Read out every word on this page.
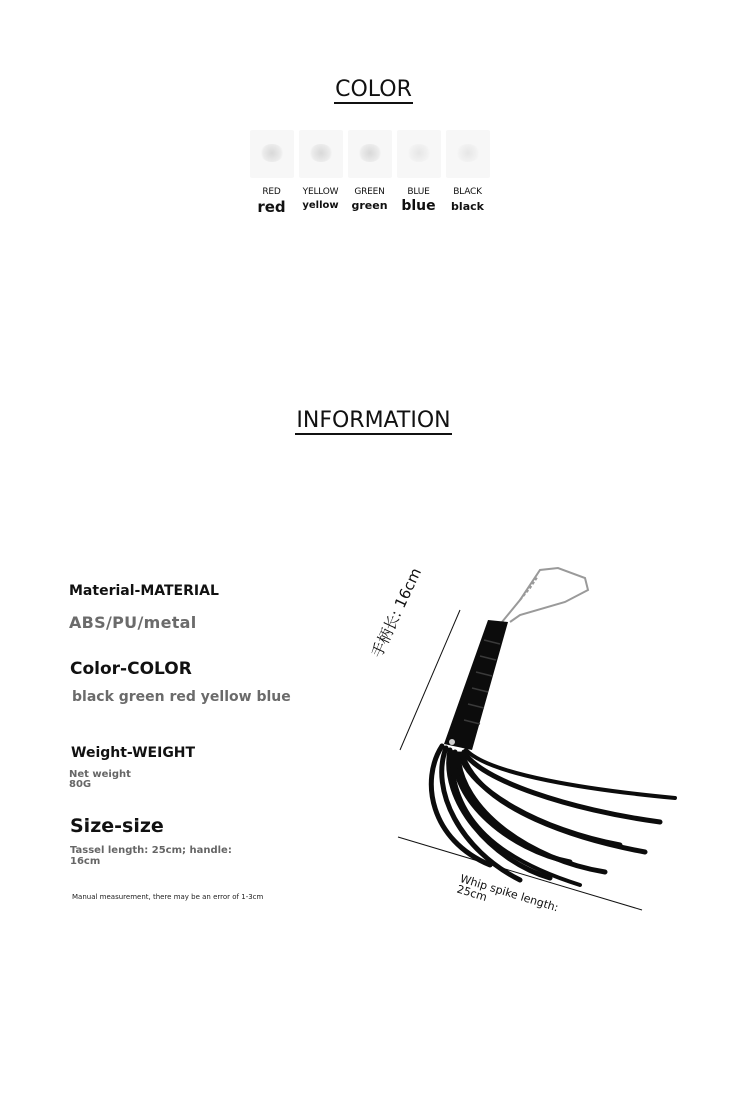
COLOR
RED
red
YELLOW
yellow
GREEN
green
BLUE
blue
BLACK
black
INFORMATION
Material-MATERIAL
ABS/PU/metal
Color-COLOR
black green red yellow blue
Weight-WEIGHT
Net weight 80G
Size-size
Tassel length: 25cm; handle: 16cm
Manual measurement, there may be an error of 1-3cm
手柄长: 16cm
Whip spike length: 25cm
